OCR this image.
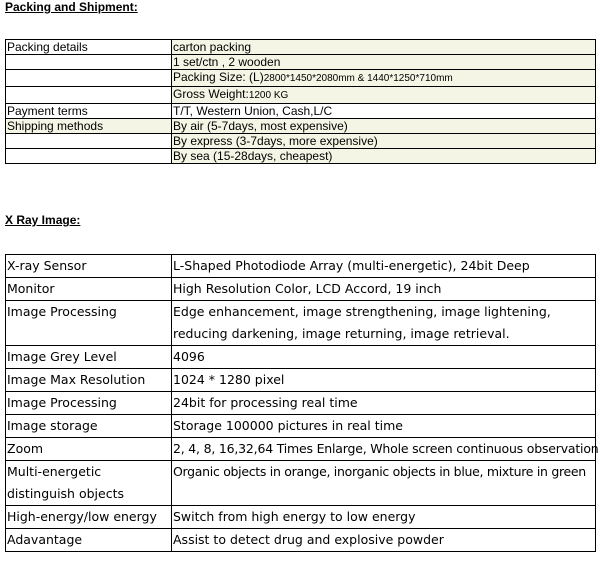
Packing and Shipment:
Packing details	carton packing
	1 set/ctn , 2 wooden
	Packing Size: (L)2800*1450*2080mm & 1440*1250*710mm
	Gross Weight:1200 KG
Payment terms	T/T, Western Union, Cash,L/C
Shipping methods	By air (5-7days, most expensive)
	By express (3-7days, more expensive)
	By sea (15-28days, cheapest)
X Ray Image:
X-ray Sensor	L-Shaped Photodiode Array (multi-energetic), 24bit Deep
Monitor	High Resolution Color, LCD Accord, 19 inch
Image Processing	Edge enhancement, image strengthening, image lightening, reducing darkening, image returning, image retrieval.
Image Grey Level	4096
Image Max Resolution	1024 * 1280 pixel
Image Processing	24bit for processing real time
Image storage	Storage 100000 pictures in real time
Zoom	2, 4, 8, 16,32,64 Times Enlarge, Whole screen continuous observation
Multi-energetic distinguish objects	Organic objects in orange, inorganic objects in blue, mixture in green
High-energy/low energy	Switch from high energy to low energy
Adavantage	Assist to detect drug and explosive powder
